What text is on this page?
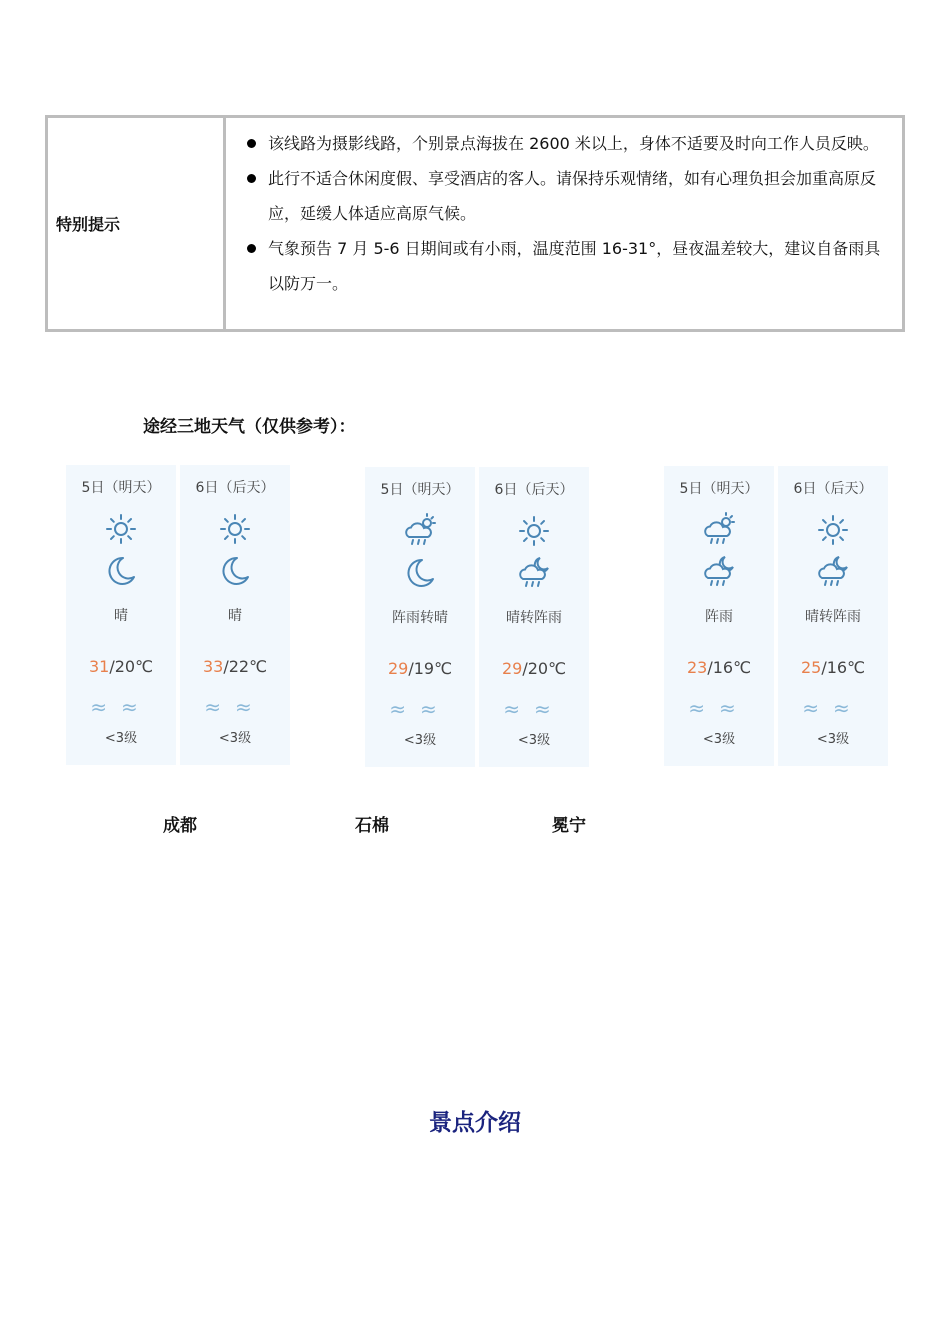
特别提示
该线路为摄影线路，个别景点海拔在 2600 米以上，身体不适要及时向工作人员反映。
此行不适合休闲度假、享受酒店的客人。请保持乐观情绪，如有心理负担会加重高原反应，延缓人体适应高原气候。
气象预告 7 月 5-6 日期间或有小雨，温度范围 16-31°，昼夜温差较大，建议自备雨具以防万一。
途经三地天气（仅供参考）：
5日（明天）
晴
31/20℃
≈≈
<3级
6日（后天）
晴
33/22℃
≈≈
<3级
5日（明天）
阵雨转晴
29/19℃
≈≈
<3级
6日（后天）
晴转阵雨
29/20℃
≈≈
<3级
5日（明天）
阵雨
23/16℃
≈≈
<3级
6日（后天）
晴转阵雨
25/16℃
≈≈
<3级
成都	石棉	冕宁
景点介绍
